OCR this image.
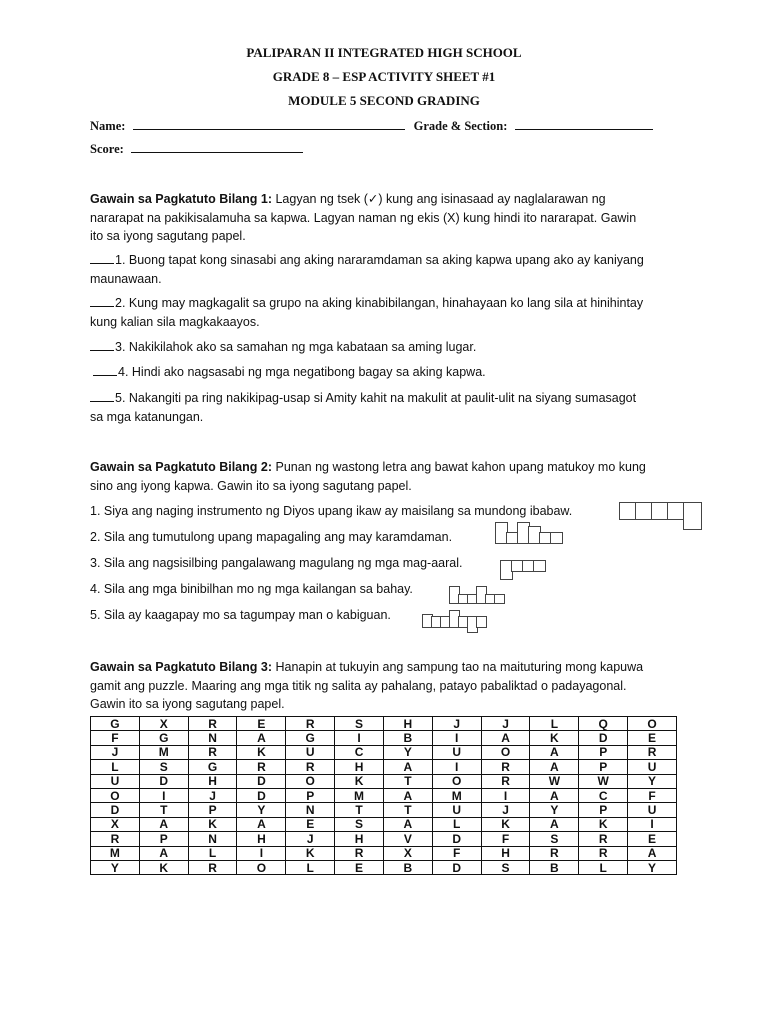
PALIPARAN II INTEGRATED HIGH SCHOOL
GRADE 8 – ESP ACTIVITY SHEET #1
MODULE 5 SECOND GRADING
Name:	Grade & Section:
Score:
Gawain sa Pagkatuto Bilang 1: Lagyan ng tsek (✓) kung ang isinasaad ay naglalarawan ng nararapat na pakikisalamuha sa kapwa. Lagyan naman ng ekis (X) kung hindi ito nararapat. Gawin ito sa iyong sagutang papel.
1. Buong tapat kong sinasabi ang aking nararamdaman sa aking kapwa upang ako ay kaniyang maunawaan.
2. Kung may magkagalit sa grupo na aking kinabibilangan, hinahayaan ko lang sila at hinihintay kung kalian sila magkakaayos.
3. Nakikilahok ako sa samahan ng mga kabataan sa aming lugar.
4. Hindi ako nagsasabi ng mga negatibong bagay sa aking kapwa.
5. Nakangiti pa ring nakikipag-usap si Amity kahit na makulit at paulit-ulit na siyang sumasagot sa mga katanungan.
Gawain sa Pagkatuto Bilang 2: Punan ng wastong letra ang bawat kahon upang matukoy mo kung sino ang iyong kapwa. Gawin ito sa iyong sagutang papel.
1. Siya ang naging instrumento ng Diyos upang ikaw ay maisilang sa mundong ibabaw.
2. Sila ang tumutulong upang mapagaling ang may karamdaman.
3. Sila ang nagsisilbing pangalawang magulang ng mga mag-aaral.
4. Sila ang mga binibilhan mo ng mga kailangan sa bahay.
5. Sila ay kaagapay mo sa tagumpay man o kabiguan.
Gawain sa Pagkatuto Bilang 3: Hanapin at tukuyin ang sampung tao na maituturing mong kapuwa gamit ang puzzle. Maaring ang mga titik ng salita ay pahalang, patayo pabaliktad o padayagonal. Gawin ito sa iyong sagutang papel.
G	X	R	E	R	S	H	J	J	L	Q	O
F	G	N	A	G	I	B	I	A	K	D	E
J	M	R	K	U	C	Y	U	O	A	P	R
L	S	G	R	R	H	A	I	R	A	P	U
U	D	H	D	O	K	T	O	R	W	W	Y
O	I	J	D	P	M	A	M	I	A	C	F
D	T	P	Y	N	T	T	U	J	Y	P	U
X	A	K	A	E	S	A	L	K	A	K	I
R	P	N	H	J	H	V	D	F	S	R	E
M	A	L	I	K	R	X	F	H	R	R	A
Y	K	R	O	L	E	B	D	S	B	L	Y
